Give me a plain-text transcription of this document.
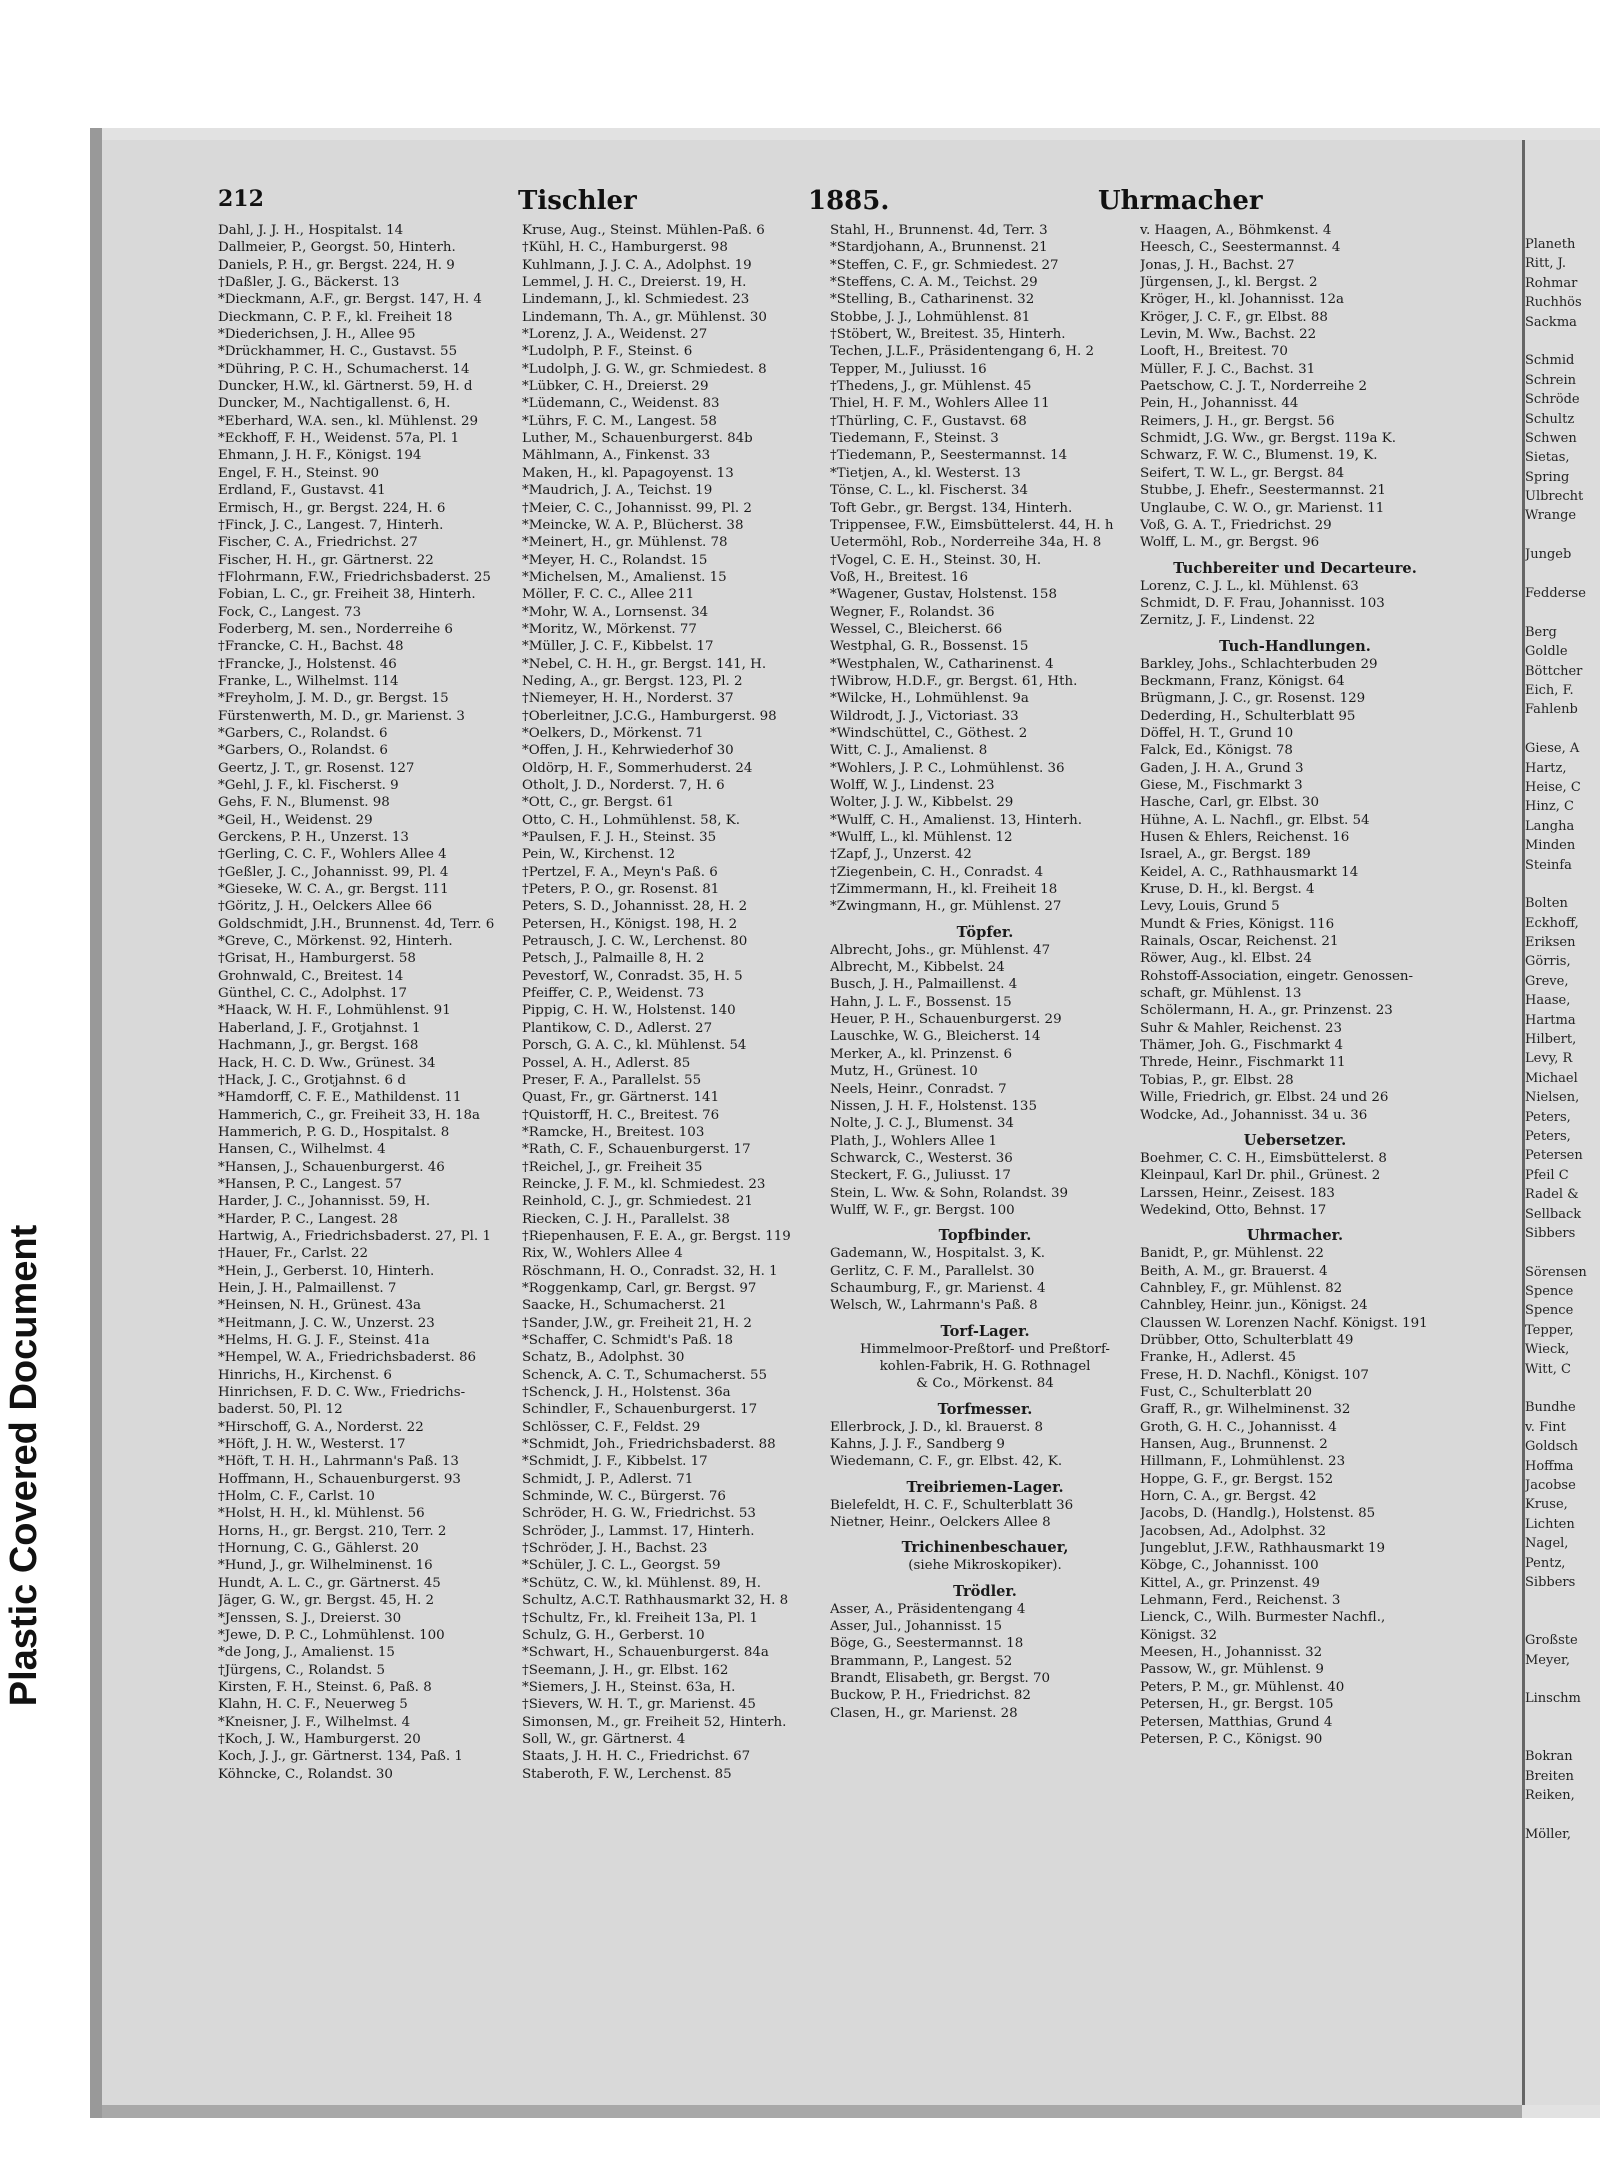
Plastic Covered Document
Planeth
Ritt, J.
Rohmar
Ruchhös
Sackma

Schmid
Schrein
Schröde
Schultz
Schwen
Sietas,
Spring
Ulbrecht
Wrange

Jungeb

Fedderse

Berg
Goldle
Böttcher
Eich, F.
Fahlenb

Giese, A
Hartz,
Heise, C
Hinz, C
Langha
Minden
Steinfa

Bolten
Eckhoff,
Eriksen
Görris,
Greve,
Haase,
Hartma
Hilbert,
Levy, R
Michael
Nielsen,
Peters,
Peters,
Petersen
Pfeil C
Radel &
Sellback
Sibbers

Sörensen
Spence
Spence
Tepper,
Wieck,
Witt, C

Bundhe
v. Fint
Goldsch
Hoffma
Jacobse
Kruse,
Lichten
Nagel,
Pentz,
Sibbers

Großste
Meyer,

Linschm

Bokran
Breiten
Reiken,

Möller,
212	Tischler	1885.	Uhrmacher
Dahl, J. J. H., Hospitalst. 14
Dallmeier, P., Georgst. 50, Hinterh.
Daniels, P. H., gr. Bergst. 224, H. 9
†Daßler, J. G., Bäckerst. 13
*Dieckmann, A.F., gr. Bergst. 147, H. 4
Dieckmann, C. P. F., kl. Freiheit 18
*Diederichsen, J. H., Allee 95
*Drückhammer, H. C., Gustavst. 55
*Dühring, P. C. H., Schumacherst. 14
Duncker, H.W., kl. Gärtnerst. 59, H. d
Duncker, M., Nachtigallenst. 6, H.
*Eberhard, W.A. sen., kl. Mühlenst. 29
*Eckhoff, F. H., Weidenst. 57a, Pl. 1
Ehmann, J. H. F., Königst. 194
Engel, F. H., Steinst. 90
Erdland, F., Gustavst. 41
Ermisch, H., gr. Bergst. 224, H. 6
†Finck, J. C., Langest. 7, Hinterh.
Fischer, C. A., Friedrichst. 27
Fischer, H. H., gr. Gärtnerst. 22
†Flohrmann, F.W., Friedrichsbaderst. 25
Fobian, L. C., gr. Freiheit 38, Hinterh.
Fock, C., Langest. 73
Foderberg, M. sen., Norderreihe 6
†Francke, C. H., Bachst. 48
†Francke, J., Holstenst. 46
Franke, L., Wilhelmst. 114
*Freyholm, J. M. D., gr. Bergst. 15
Fürstenwerth, M. D., gr. Marienst. 3
*Garbers, C., Rolandst. 6
*Garbers, O., Rolandst. 6
Geertz, J. T., gr. Rosenst. 127
*Gehl, J. F., kl. Fischerst. 9
Gehs, F. N., Blumenst. 98
*Geil, H., Weidenst. 29
Gerckens, P. H., Unzerst. 13
†Gerling, C. C. F., Wohlers Allee 4
†Geßler, J. C., Johannisst. 99, Pl. 4
*Gieseke, W. C. A., gr. Bergst. 111
†Göritz, J. H., Oelckers Allee 66
Goldschmidt, J.H., Brunnenst. 4d, Terr. 6
*Greve, C., Mörkenst. 92, Hinterh.
†Grisat, H., Hamburgerst. 58
Grohnwald, C., Breitest. 14
Günthel, C. C., Adolphst. 17
*Haack, W. H. F., Lohmühlenst. 91
Haberland, J. F., Grotjahnst. 1
Hachmann, J., gr. Bergst. 168
Hack, H. C. D. Ww., Grünest. 34
†Hack, J. C., Grotjahnst. 6 d
*Hamdorff, C. F. E., Mathildenst. 11
Hammerich, C., gr. Freiheit 33, H. 18a
Hammerich, P. G. D., Hospitalst. 8
Hansen, C., Wilhelmst. 4
*Hansen, J., Schauenburgerst. 46
*Hansen, P. C., Langest. 57
Harder, J. C., Johannisst. 59, H.
*Harder, P. C., Langest. 28
Hartwig, A., Friedrichsbaderst. 27, Pl. 1
†Hauer, Fr., Carlst. 22
*Hein, J., Gerberst. 10, Hinterh.
Hein, J. H., Palmaillenst. 7
*Heinsen, N. H., Grünest. 43a
*Heitmann, J. C. W., Unzerst. 23
*Helms, H. G. J. F., Steinst. 41a
*Hempel, W. A., Friedrichsbaderst. 86
Hinrichs, H., Kirchenst. 6
Hinrichsen, F. D. C. Ww., Friedrichs-
baderst. 50, Pl. 12
*Hirschoff, G. A., Norderst. 22
*Höft, J. H. W., Westerst. 17
*Höft, T. H. H., Lahrmann's Paß. 13
Hoffmann, H., Schauenburgerst. 93
†Holm, C. F., Carlst. 10
*Holst, H. H., kl. Mühlenst. 56
Horns, H., gr. Bergst. 210, Terr. 2
†Hornung, C. G., Gählerst. 20
*Hund, J., gr. Wilhelminenst. 16
Hundt, A. L. C., gr. Gärtnerst. 45
Jäger, G. W., gr. Bergst. 45, H. 2
*Jenssen, S. J., Dreierst. 30
*Jewe, D. P. C., Lohmühlenst. 100
*de Jong, J., Amalienst. 15
†Jürgens, C., Rolandst. 5
Kirsten, F. H., Steinst. 6, Paß. 8
Klahn, H. C. F., Neuerweg 5
*Kneisner, J. F., Wilhelmst. 4
†Koch, J. W., Hamburgerst. 20
Koch, J. J., gr. Gärtnerst. 134, Paß. 1
Köhncke, C., Rolandst. 30
Kruse, Aug., Steinst. Mühlen-Paß. 6
†Kühl, H. C., Hamburgerst. 98
Kuhlmann, J. J. C. A., Adolphst. 19
Lemmel, J. H. C., Dreierst. 19, H.
Lindemann, J., kl. Schmiedest. 23
Lindemann, Th. A., gr. Mühlenst. 30
*Lorenz, J. A., Weidenst. 27
*Ludolph, P. F., Steinst. 6
*Ludolph, J. G. W., gr. Schmiedest. 8
*Lübker, C. H., Dreierst. 29
*Lüdemann, C., Weidenst. 83
*Lührs, F. C. M., Langest. 58
Luther, M., Schauenburgerst. 84b
Mählmann, A., Finkenst. 33
Maken, H., kl. Papagoyenst. 13
*Maudrich, J. A., Teichst. 19
†Meier, C. C., Johannisst. 99, Pl. 2
*Meincke, W. A. P., Blücherst. 38
*Meinert, H., gr. Mühlenst. 78
*Meyer, H. C., Rolandst. 15
*Michelsen, M., Amalienst. 15
Möller, F. C. C., Allee 211
*Mohr, W. A., Lornsenst. 34
*Moritz, W., Mörkenst. 77
*Müller, J. C. F., Kibbelst. 17
*Nebel, C. H. H., gr. Bergst. 141, H.
Neding, A., gr. Bergst. 123, Pl. 2
†Niemeyer, H. H., Norderst. 37
†Oberleitner, J.C.G., Hamburgerst. 98
*Oelkers, D., Mörkenst. 71
*Offen, J. H., Kehrwiederhof 30
Oldörp, H. F., Sommerhuderst. 24
Otholt, J. D., Norderst. 7, H. 6
*Ott, C., gr. Bergst. 61
Otto, C. H., Lohmühlenst. 58, K.
*Paulsen, F. J. H., Steinst. 35
Pein, W., Kirchenst. 12
†Pertzel, F. A., Meyn's Paß. 6
†Peters, P. O., gr. Rosenst. 81
Peters, S. D., Johannisst. 28, H. 2
Petersen, H., Königst. 198, H. 2
Petrausch, J. C. W., Lerchenst. 80
Petsch, J., Palmaille 8, H. 2
Pevestorf, W., Conradst. 35, H. 5
Pfeiffer, C. P., Weidenst. 73
Pippig, C. H. W., Holstenst. 140
Plantikow, C. D., Adlerst. 27
Porsch, G. A. C., kl. Mühlenst. 54
Possel, A. H., Adlerst. 85
Preser, F. A., Parallelst. 55
Quast, Fr., gr. Gärtnerst. 141
†Quistorff, H. C., Breitest. 76
*Ramcke, H., Breitest. 103
*Rath, C. F., Schauenburgerst. 17
†Reichel, J., gr. Freiheit 35
Reincke, J. F. M., kl. Schmiedest. 23
Reinhold, C. J., gr. Schmiedest. 21
Riecken, C. J. H., Parallelst. 38
†Riepenhausen, F. E. A., gr. Bergst. 119
Rix, W., Wohlers Allee 4
Röschmann, H. O., Conradst. 32, H. 1
*Roggenkamp, Carl, gr. Bergst. 97
Saacke, H., Schumacherst. 21
†Sander, J.W., gr. Freiheit 21, H. 2
*Schaffer, C. Schmidt's Paß. 18
Schatz, B., Adolphst. 30
Schenck, A. C. T., Schumacherst. 55
†Schenck, J. H., Holstenst. 36a
Schindler, F., Schauenburgerst. 17
Schlösser, C. F., Feldst. 29
*Schmidt, Joh., Friedrichsbaderst. 88
*Schmidt, J. F., Kibbelst. 17
Schmidt, J. P., Adlerst. 71
Schminde, W. C., Bürgerst. 76
Schröder, H. G. W., Friedrichst. 53
Schröder, J., Lammst. 17, Hinterh.
†Schröder, J. H., Bachst. 23
*Schüler, J. C. L., Georgst. 59
*Schütz, C. W., kl. Mühlenst. 89, H.
Schultz, A.C.T. Rathhausmarkt 32, H. 8
†Schultz, Fr., kl. Freiheit 13a, Pl. 1
Schulz, G. H., Gerberst. 10
*Schwart, H., Schauenburgerst. 84a
†Seemann, J. H., gr. Elbst. 162
*Siemers, J. H., Steinst. 63a, H.
†Sievers, W. H. T., gr. Marienst. 45
Simonsen, M., gr. Freiheit 52, Hinterh.
Soll, W., gr. Gärtnerst. 4
Staats, J. H. H. C., Friedrichst. 67
Staberoth, F. W., Lerchenst. 85
Stahl, H., Brunnenst. 4d, Terr. 3
*Stardjohann, A., Brunnenst. 21
*Steffen, C. F., gr. Schmiedest. 27
*Steffens, C. A. M., Teichst. 29
*Stelling, B., Catharinenst. 32
Stobbe, J. J., Lohmühlenst. 81
†Stöbert, W., Breitest. 35, Hinterh.
Techen, J.L.F., Präsidentengang 6, H. 2
Tepper, M., Juliusst. 16
†Thedens, J., gr. Mühlenst. 45
Thiel, H. F. M., Wohlers Allee 11
†Thürling, C. F., Gustavst. 68
Tiedemann, F., Steinst. 3
†Tiedemann, P., Seestermannst. 14
*Tietjen, A., kl. Westerst. 13
Tönse, C. L., kl. Fischerst. 34
Toft Gebr., gr. Bergst. 134, Hinterh.
Trippensee, F.W., Eimsbüttelerst. 44, H. h
Uetermöhl, Rob., Norderreihe 34a, H. 8
†Vogel, C. E. H., Steinst. 30, H.
Voß, H., Breitest. 16
*Wagener, Gustav, Holstenst. 158
Wegner, F., Rolandst. 36
Wessel, C., Bleicherst. 66
Westphal, G. R., Bossenst. 15
*Westphalen, W., Catharinenst. 4
†Wibrow, H.D.F., gr. Bergst. 61, Hth.
*Wilcke, H., Lohmühlenst. 9a
Wildrodt, J. J., Victoriast. 33
*Windschüttel, C., Göthest. 2
Witt, C. J., Amalienst. 8
*Wohlers, J. P. C., Lohmühlenst. 36
Wolff, W. J., Lindenst. 23
Wolter, J. J. W., Kibbelst. 29
*Wulff, C. H., Amalienst. 13, Hinterh.
*Wulff, L., kl. Mühlenst. 12
†Zapf, J., Unzerst. 42
†Ziegenbein, C. H., Conradst. 4
†Zimmermann, H., kl. Freiheit 18
*Zwingmann, H., gr. Mühlenst. 27
Töpfer.
Albrecht, Johs., gr. Mühlenst. 47
Albrecht, M., Kibbelst. 24
Busch, J. H., Palmaillenst. 4
Hahn, J. L. F., Bossenst. 15
Heuer, P. H., Schauenburgerst. 29
Lauschke, W. G., Bleicherst. 14
Merker, A., kl. Prinzenst. 6
Mutz, H., Grünest. 10
Neels, Heinr., Conradst. 7
Nissen, J. H. F., Holstenst. 135
Nolte, J. C. J., Blumenst. 34
Plath, J., Wohlers Allee 1
Schwarck, C., Westerst. 36
Steckert, F. G., Juliusst. 17
Stein, L. Ww. & Sohn, Rolandst. 39
Wulff, W. F., gr. Bergst. 100
Topfbinder.
Gademann, W., Hospitalst. 3, K.
Gerlitz, C. F. M., Parallelst. 30
Schaumburg, F., gr. Marienst. 4
Welsch, W., Lahrmann's Paß. 8
Torf-Lager.
Himmelmoor-Preßtorf- und Preßtorf-
kohlen-Fabrik, H. G. Rothnagel
& Co., Mörkenst. 84
Torfmesser.
Ellerbrock, J. D., kl. Brauerst. 8
Kahns, J. J. F., Sandberg 9
Wiedemann, C. F., gr. Elbst. 42, K.
Treibriemen-Lager.
Bielefeldt, H. C. F., Schulterblatt 36
Nietner, Heinr., Oelckers Allee 8
Trichinenbeschauer,
(siehe Mikroskopiker).
Trödler.
Asser, A., Präsidentengang 4
Asser, Jul., Johannisst. 15
Böge, G., Seestermannst. 18
Brammann, P., Langest. 52
Brandt, Elisabeth, gr. Bergst. 70
Buckow, P. H., Friedrichst. 82
Clasen, H., gr. Marienst. 28
v. Haagen, A., Böhmkenst. 4
Heesch, C., Seestermannst. 4
Jonas, J. H., Bachst. 27
Jürgensen, J., kl. Bergst. 2
Kröger, H., kl. Johannisst. 12a
Kröger, J. C. F., gr. Elbst. 88
Levin, M. Ww., Bachst. 22
Looft, H., Breitest. 70
Müller, F. J. C., Bachst. 31
Paetschow, C. J. T., Norderreihe 2
Pein, H., Johannisst. 44
Reimers, J. H., gr. Bergst. 56
Schmidt, J.G. Ww., gr. Bergst. 119a K.
Schwarz, F. W. C., Blumenst. 19, K.
Seifert, T. W. L., gr. Bergst. 84
Stubbe, J. Ehefr., Seestermannst. 21
Unglaube, C. W. O., gr. Marienst. 11
Voß, G. A. T., Friedrichst. 29
Wolff, L. M., gr. Bergst. 96
Tuchbereiter und Decarteure.
Lorenz, C. J. L., kl. Mühlenst. 63
Schmidt, D. F. Frau, Johannisst. 103
Zernitz, J. F., Lindenst. 22
Tuch-Handlungen.
Barkley, Johs., Schlachterbuden 29
Beckmann, Franz, Königst. 64
Brügmann, J. C., gr. Rosenst. 129
Dederding, H., Schulterblatt 95
Döffel, H. T., Grund 10
Falck, Ed., Königst. 78
Gaden, J. H. A., Grund 3
Giese, M., Fischmarkt 3
Hasche, Carl, gr. Elbst. 30
Hühne, A. L. Nachfl., gr. Elbst. 54
Husen & Ehlers, Reichenst. 16
Israel, A., gr. Bergst. 189
Keidel, A. C., Rathhausmarkt 14
Kruse, D. H., kl. Bergst. 4
Levy, Louis, Grund 5
Mundt & Fries, Königst. 116
Rainals, Oscar, Reichenst. 21
Röwer, Aug., kl. Elbst. 24
Rohstoff-Association, eingetr. Genossen-
schaft, gr. Mühlenst. 13
Schölermann, H. A., gr. Prinzenst. 23
Suhr & Mahler, Reichenst. 23
Thämer, Joh. G., Fischmarkt 4
Threde, Heinr., Fischmarkt 11
Tobias, P., gr. Elbst. 28
Wille, Friedrich, gr. Elbst. 24 und 26
Wodcke, Ad., Johannisst. 34 u. 36
Uebersetzer.
Boehmer, C. C. H., Eimsbüttelerst. 8
Kleinpaul, Karl Dr. phil., Grünest. 2
Larssen, Heinr., Zeisest. 183
Wedekind, Otto, Behnst. 17
Uhrmacher.
Banidt, P., gr. Mühlenst. 22
Beith, A. M., gr. Brauerst. 4
Cahnbley, F., gr. Mühlenst. 82
Cahnbley, Heinr. jun., Königst. 24
Claussen W. Lorenzen Nachf. Königst. 191
Drübber, Otto, Schulterblatt 49
Franke, H., Adlerst. 45
Frese, H. D. Nachfl., Königst. 107
Fust, C., Schulterblatt 20
Graff, R., gr. Wilhelminenst. 32
Groth, G. H. C., Johannisst. 4
Hansen, Aug., Brunnenst. 2
Hillmann, F., Lohmühlenst. 23
Hoppe, G. F., gr. Bergst. 152
Horn, C. A., gr. Bergst. 42
Jacobs, D. (Handlg.), Holstenst. 85
Jacobsen, Ad., Adolphst. 32
Jungeblut, J.F.W., Rathhausmarkt 19
Köbge, C., Johannisst. 100
Kittel, A., gr. Prinzenst. 49
Lehmann, Ferd., Reichenst. 3
Lienck, C., Wilh. Burmester Nachfl.,
Königst. 32
Meesen, H., Johannisst. 32
Passow, W., gr. Mühlenst. 9
Peters, P. M., gr. Mühlenst. 40
Petersen, H., gr. Bergst. 105
Petersen, Matthias, Grund 4
Petersen, P. C., Königst. 90
